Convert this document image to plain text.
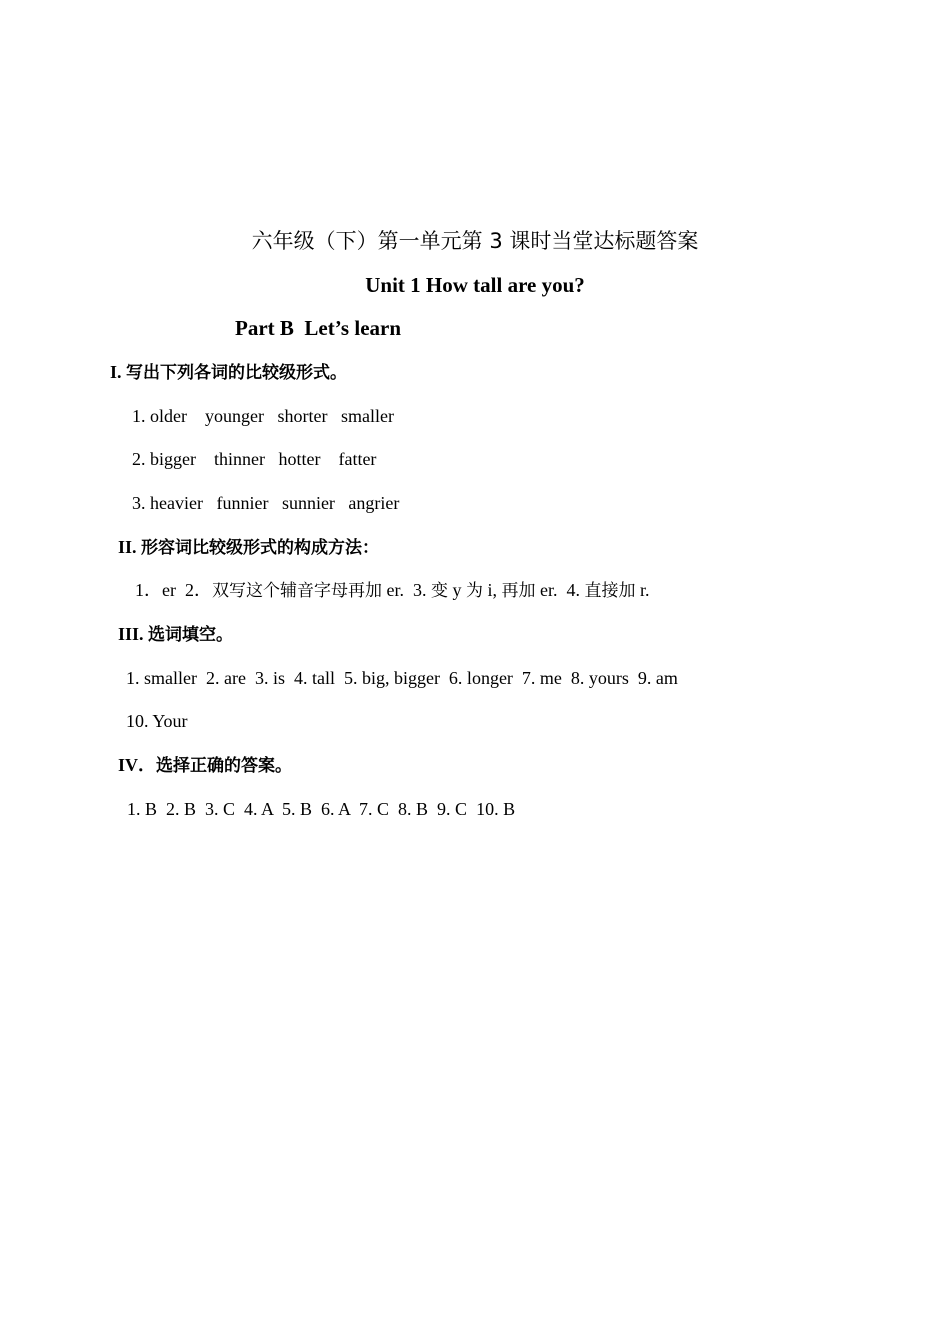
六年级（下）第一单元第 3 课时当堂达标题答案
Unit 1 How tall are you?
Part B  Let’s learn
I. 写出下列各词的比较级形式。
1. older    younger   shorter   smaller
2. bigger    thinner   hotter    fatter
3. heavier   funnier   sunnier   angrier
II. 形容词比较级形式的构成方法：
1．er  2．双写这个辅音字母再加 er.  3. 变 y 为 i, 再加 er.  4. 直接加 r.
III. 选词填空。
1. smaller  2. are  3. is  4. tall  5. big, bigger  6. longer  7. me  8. yours  9. am
10. Your
IV．选择正确的答案。
1. B  2. B  3. C  4. A  5. B  6. A  7. C  8. B  9. C  10. B
